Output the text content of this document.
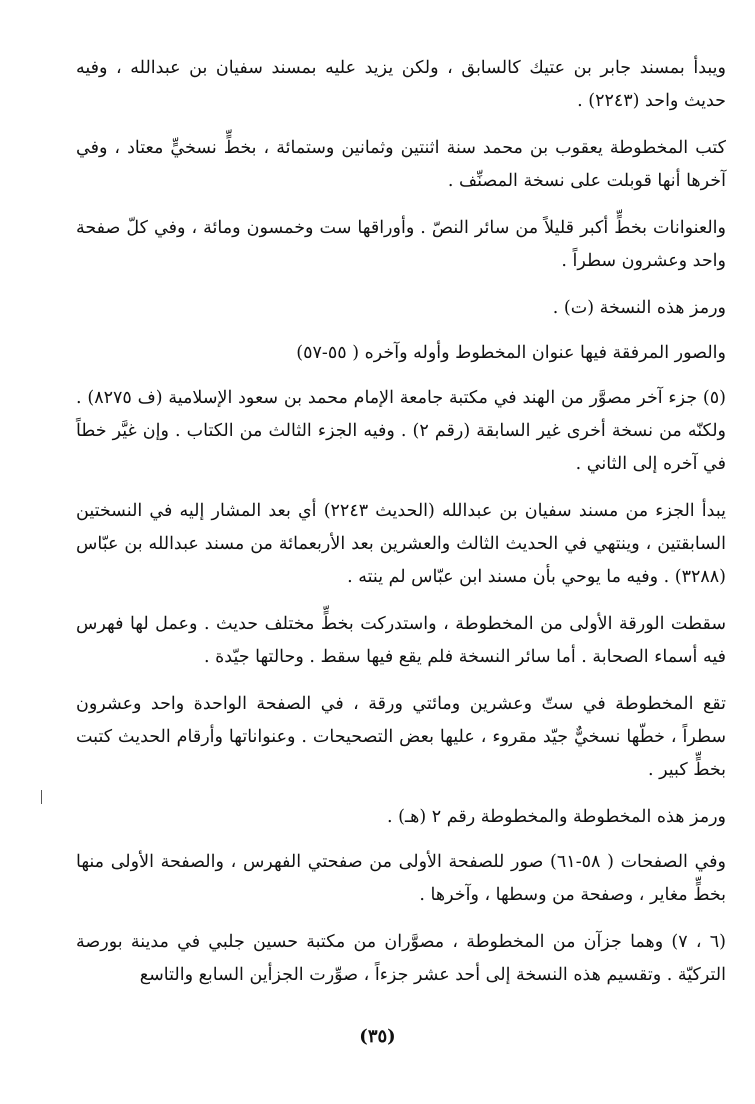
ويبدأ بمسند جابر بن عتيك كالسابق ، ولكن يزيد عليه بمسند سفيان بن عبدالله ، وفيه حديث واحد (٢٢٤٣) .

كتب المخطوطة يعقوب بن محمد سنة اثنتين وثمانين وستمائة ، بخطٍّ نسخيٍّ معتاد ، وفي آخرها أنها قوبلت على نسخة المصنِّف .

والعنوانات بخطٍّ أكبر قليلاً من سائر النصّ . وأوراقها ست وخمسون ومائة ، وفي كلّ صفحة واحد وعشرون سطراً .

ورمز هذه النسخة (ت) .

والصور المرفقة فيها عنوان المخطوط وأوله وآخره ( ٥٥-٥٧)

(٥) جزء آخر مصوَّر من الهند في مكتبة جامعة الإمام محمد بن سعود الإسلامية (ف ٨٢٧٥) . ولكنّه من نسخة أخرى غير السابقة (رقم ٢) . وفيه الجزء الثالث من الكتاب . وإن غيَّر خطاً في آخره إلى الثاني .

يبدأ الجزء من مسند سفيان بن عبدالله (الحديث ٢٢٤٣) أي بعد المشار إليه في النسختين السابقتين ، وينتهي في الحديث الثالث والعشرين بعد الأربعمائة من مسند عبدالله بن عبّاس (٣٢٨٨) . وفيه ما يوحي بأن مسند ابن عبّاس لم ينته .

سقطت الورقة الأولى من المخطوطة ، واستدركت بخطٍّ مختلف حديث . وعمل لها فهرس فيه أسماء الصحابة . أما سائر النسخة فلم يقع فيها سقط . وحالتها جيّدة .

تقع المخطوطة في ستّ وعشرين ومائتي ورقة ، في الصفحة الواحدة واحد وعشرون سطراً ، خطّها نسخيٌّ جيّد مقروء ، عليها بعض التصحيحات . وعنواناتها وأرقام الحديث كتبت بخطٍّ كبير .

ورمز هذه المخطوطة والمخطوطة رقم ٢ (هـ) .

وفي الصفحات ( ٥٨-٦١) صور للصفحة الأولى من صفحتي الفهرس ، والصفحة الأولى منها بخطٍّ مغاير ، وصفحة من وسطها ، وآخرها .

(٦ ، ٧) وهما جزآن من المخطوطة ، مصوَّران من مكتبة حسين جلبي في مدينة بورصة التركيّة . وتقسيم هذه النسخة إلى أحد عشر جزءاً ، صوِّرت الجزأين السابع والتاسع

(٣٥)
